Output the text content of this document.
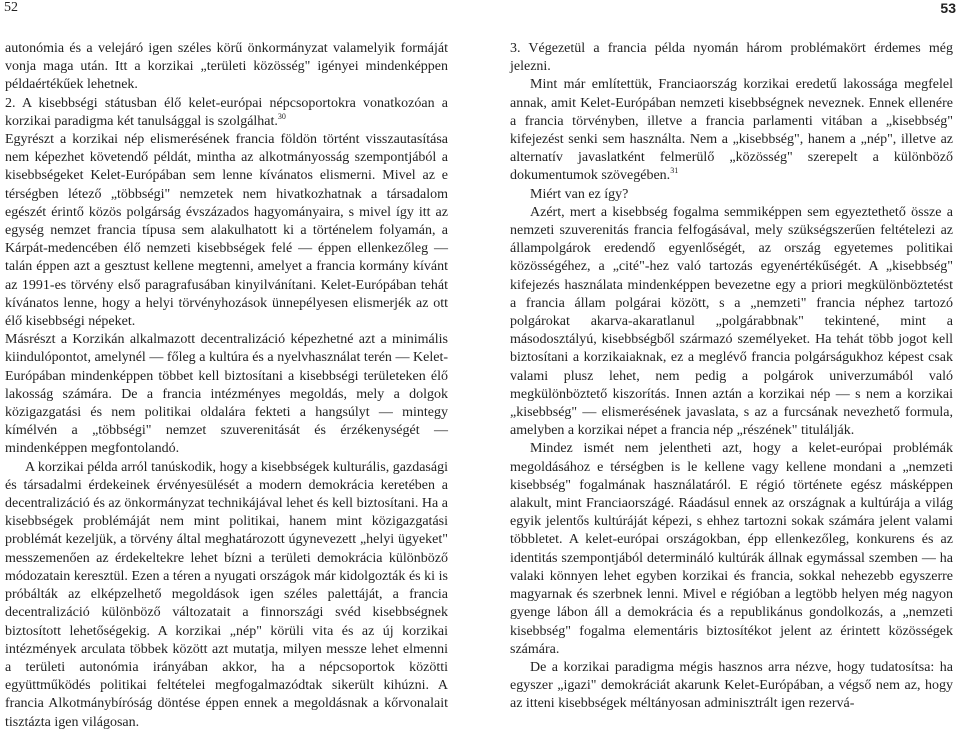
52	53

autonómia és a velejáró igen széles körű önkormányzat valamelyik formáját vonja maga után. Itt a korzikai „területi közösség" igényei mindenképpen példaértékűek lehetnek.

2. A kisebbségi státusban élő kelet-európai népcsoportokra vonatkozóan a korzikai paradigma két tanulsággal is szolgálhat.$^{30}$

Egyrészt a korzikai nép elismerésének francia földön történt visszautasítása nem képezhet követendő példát, mintha az alkotmányosság szempontjából a kisebbségeket Kelet-Európában sem lenne kívánatos elismerni. Mivel az e térségben létező „többségi" nemzetek nem hivatkozhatnak a társadalom egészét érintő közös polgárság évszázados hagyományaira, s mivel így itt az egység nemzet francia típusa sem alakulhatott ki a történelem folyamán, a Kárpát-medencében élő nemzeti kisebbségek felé — éppen ellenkezőleg — talán éppen azt a gesztust kellene megtenni, amelyet a francia kormány kívánt az 1991-es törvény első paragrafusában kinyilvánítani. Kelet-Európában tehát kívánatos lenne, hogy a helyi törvényhozások ünnepélyesen elismerjék az ott élő kisebbségi népeket.

Másrészt a Korzikán alkalmazott decentralizáció képezhetné azt a minimális kiindulópontot, amelynél — főleg a kultúra és a nyelvhasználat terén — Kelet-Európában mindenképpen többet kell biztosítani a kisebbségi területeken élő lakosság számára. De a francia intézményes megoldás, mely a dolgok közigazgatási és nem politikai oldalára fekteti a hangsúlyt — mintegy kímélvén a „többségi" nemzet szuverenitását és érzékenységét — mindenképpen megfontolandó.

A korzikai példa arról tanúskodik, hogy a kisebbségek kulturális, gazdasági és társadalmi érdekeinek érvényesülését a modern demokrácia keretében a decentralizáció és az önkormányzat technikájával lehet és kell biztosítani. Ha a kisebbségek problémáját nem mint politikai, hanem mint közigazgatási problémát kezeljük, a törvény által meghatározott úgynevezett „helyi ügyeket" messzemenően az érdekeltekre lehet bízni a területi demokrácia különböző módozatain keresztül. Ezen a téren a nyugati országok már kidolgozták és ki is próbálták az elképzelhető megoldások igen széles palettáját, a francia decentralizáció különböző változatait a finnországi svéd kisebbségnek biztosított lehetőségekig. A korzikai „nép" körüli vita és az új korzikai intézmények arculata többek között azt mutatja, milyen messze lehet elmenni a területi autonómia irányában akkor, ha a népcsoportok közötti együttműködés politikai feltételei megfogalmazódtak sikerült kihúzni. A francia Alkotmánybíróság döntése éppen ennek a megoldásnak a kőrvonalait tisztázta igen világosan.

3. Végezetül a francia példa nyomán három problémakört érdemes még jelezni.

Mint már említettük, Franciaország korzikai eredetű lakossága megfelel annak, amit Kelet-Európában nemzeti kisebbségnek neveznek. Ennek ellenére a francia törvényben, illetve a francia parlamenti vitában a „kisebbség" kifejezést senki sem használta. Nem a „kisebbség", hanem a „nép", illetve az alternatív javaslatként felmerülő „közösség" szerepelt a különböző dokumentumok szövegében.$^{31}$

Miért van ez így?

Azért, mert a kisebbség fogalma semmiképpen sem egyeztethető össze a nemzeti szuverenitás francia felfogásával, mely szükségszerűen feltételezi az állampolgárok eredendő egyenlőségét, az ország egyetemes politikai közösségéhez, a „cité"-hez való tartozás egyenértékűségét. A „kisebbség" kifejezés használata mindenképpen bevezetne egy a priori megkülönböztetést a francia állam polgárai között, s a „nemzeti" francia néphez tartozó polgárokat akarva-akaratlanul „polgárabbnak" tekintené, mint a másodosztályú, kisebbségből származó személyeket. Ha tehát több jogot kell biztosítani a korzikaiaknak, ez a meglévő francia polgárságukhoz képest csak valami plusz lehet, nem pedig a polgárok univerzumából való megkülönböztető kiszorítás. Innen aztán a korzikai nép — s nem a korzikai „kisebbség" — elismerésének javaslata, s az a furcsának nevezhető formula, amelyben a korzikai népet a francia nép „részének" titulálják.

Mindez ismét nem jelentheti azt, hogy a kelet-európai problémák megoldásához e térségben is le kellene vagy kellene mondani a „nemzeti kisebbség" fogalmának használatáról. E régió története egész másképpen alakult, mint Franciaországé. Ráadásul ennek az országnak a kultúrája a világ egyik jelentős kultúráját képezi, s ehhez tartozni sokak számára jelent valami többletet. A kelet-európai országokban, épp ellenkezőleg, konkurens és az identitás szempontjából determináló kultúrák állnak egymással szemben — ha valaki könnyen lehet egyben korzikai és francia, sokkal nehezebb egyszerre magyarnak és szerbnek lenni. Mivel e régióban a legtöbb helyen még nagyon gyenge lábon áll a demokrácia és a republikánus gondolkozás, a „nemzeti kisebbség" fogalma elementáris biztosítékot jelent az érintett közösségek számára.

De a korzikai paradigma mégis hasznos arra nézve, hogy tudatosítsa: ha egyszer „igazi" demokráciát akarunk Kelet-Európában, a végső nem az, hogy az itteni kisebbségek méltányosan adminisztrált igen rezervá-
